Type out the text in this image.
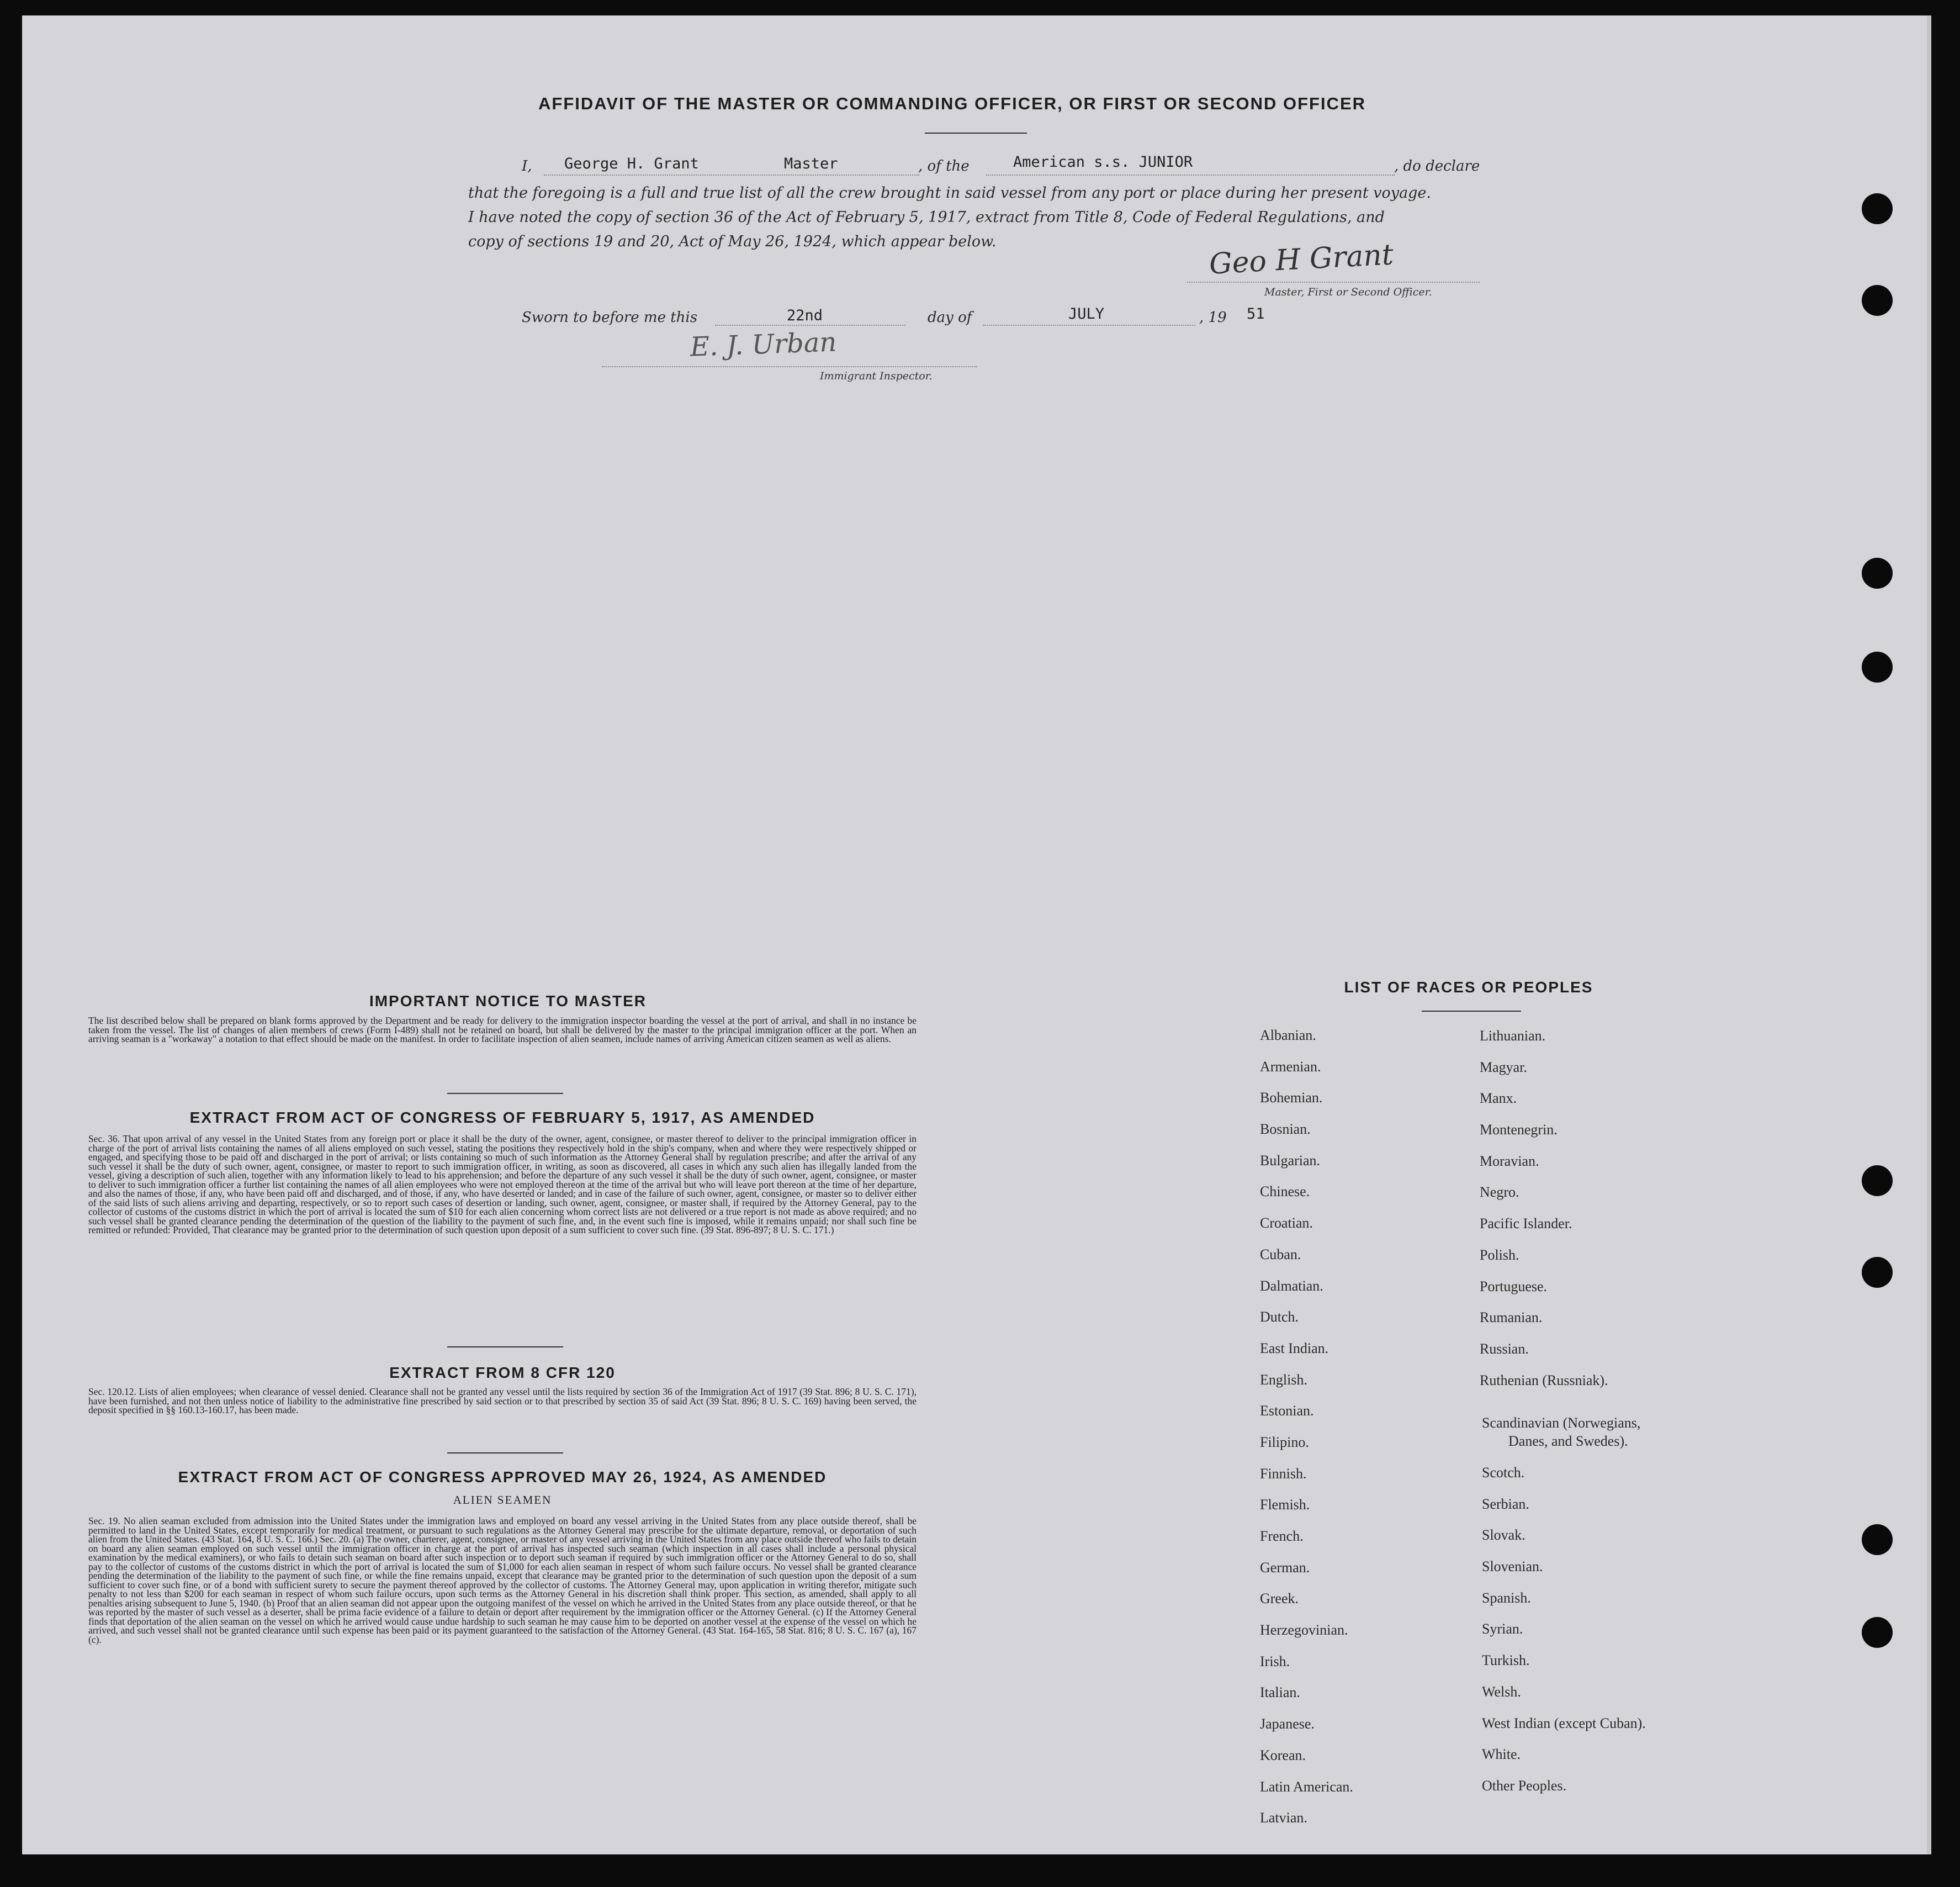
AFFIDAVIT OF THE MASTER OR COMMANDING OFFICER, OR FIRST OR SECOND OFFICER
I, George H. Grant	Master	, of the	American s.s. JUNIOR	, do declare
that the foregoing is a full and true list of all the crew brought in said vessel from any port or place during her present voyage.
I have noted the copy of section 36 of the Act of February 5, 1917, extract from Title 8, Code of Federal Regulations, and
copy of sections 19 and 20, Act of May 26, 1924, which appear below.	Geo H Grant
Master, First or Second Officer.
Sworn to before me this	22nd	day of	JULY	, 19 51
E. J. Urban
Immigrant Inspector.
IMPORTANT NOTICE TO MASTER
The list described below shall be prepared on blank forms approved by the Department and be ready for delivery to the immigration inspector boarding the vessel at the port of arrival, and shall in no instance be taken from the vessel. The list of changes of alien members of crews (Form I-489) shall not be retained on board, but shall be delivered by the master to the principal immigration officer at the port. When an arriving seaman is a "workaway" a notation to that effect should be made on the manifest. In order to facilitate inspection of alien seamen, include names of arriving American citizen seamen as well as aliens.
EXTRACT FROM ACT OF CONGRESS OF FEBRUARY 5, 1917, AS AMENDED
Sec. 36. That upon arrival of any vessel in the United States from any foreign port or place it shall be the duty of the owner, agent, consignee, or master thereof to deliver to the principal immigration officer in charge of the port of arrival lists containing the names of all aliens employed on such vessel, stating the positions they respectively hold in the ship's company, when and where they were respectively shipped or engaged, and specifying those to be paid off and discharged in the port of arrival; or lists containing so much of such information as the Attorney General shall by regulation prescribe; and after the arrival of any such vessel it shall be the duty of such owner, agent, consignee, or master to report to such immigration officer, in writing, as soon as discovered, all cases in which any such alien has illegally landed from the vessel, giving a description of such alien, together with any information likely to lead to his apprehension; and before the departure of any such vessel it shall be the duty of such owner, agent, consignee, or master to deliver to such immigration officer a further list containing the names of all alien employees who were not employed thereon at the time of the arrival but who will leave port thereon at the time of her departure, and also the names of those, if any, who have been paid off and discharged, and of those, if any, who have deserted or landed; and in case of the failure of such owner, agent, consignee, or master so to deliver either of the said lists of such aliens arriving and departing, respectively, or so to report such cases of desertion or landing, such owner, agent, consignee, or master shall, if required by the Attorney General, pay to the collector of customs of the customs district in which the port of arrival is located the sum of $10 for each alien concerning whom correct lists are not delivered or a true report is not made as above required; and no such vessel shall be granted clearance pending the determination of the question of the liability to the payment of such fine, and, in the event such fine is imposed, while it remains unpaid; nor shall such fine be remitted or refunded: Provided, That clearance may be granted prior to the determination of such question upon deposit of a sum sufficient to cover such fine. (39 Stat. 896-897; 8 U. S. C. 171.)
EXTRACT FROM 8 CFR 120
Sec. 120.12. Lists of alien employees; when clearance of vessel denied. Clearance shall not be granted any vessel until the lists required by section 36 of the Immigration Act of 1917 (39 Stat. 896; 8 U. S. C. 171), have been furnished, and not then unless notice of liability to the administrative fine prescribed by said section or to that prescribed by section 35 of said Act (39 Stat. 896; 8 U. S. C. 169) having been served, the deposit specified in §§ 160.13-160.17, has been made.
EXTRACT FROM ACT OF CONGRESS APPROVED MAY 26, 1924, AS AMENDED
ALIEN SEAMEN
Sec. 19. No alien seaman excluded from admission into the United States under the immigration laws and employed on board any vessel arriving in the United States from any place outside thereof, shall be permitted to land in the United States, except temporarily for medical treatment, or pursuant to such regulations as the Attorney General may prescribe for the ultimate departure, removal, or deportation of such alien from the United States. (43 Stat. 164, 8 U. S. C. 166.) Sec. 20. (a) The owner, charterer, agent, consignee, or master of any vessel arriving in the United States from any place outside thereof who fails to detain on board any alien seaman employed on such vessel until the immigration officer in charge at the port of arrival has inspected such seaman (which inspection in all cases shall include a personal physical examination by the medical examiners), or who fails to detain such seaman on board after such inspection or to deport such seaman if required by such immigration officer or the Attorney General to do so, shall pay to the collector of customs of the customs district in which the port of arrival is located the sum of $1,000 for each alien seaman in respect of whom such failure occurs. No vessel shall be granted clearance pending the determination of the liability to the payment of such fine, or while the fine remains unpaid, except that clearance may be granted prior to the determination of such question upon the deposit of a sum sufficient to cover such fine, or of a bond with sufficient surety to secure the payment thereof approved by the collector of customs. The Attorney General may, upon application in writing therefor, mitigate such penalty to not less than $200 for each seaman in respect of whom such failure occurs, upon such terms as the Attorney General in his discretion shall think proper. This section, as amended, shall apply to all penalties arising subsequent to June 5, 1940. (b) Proof that an alien seaman did not appear upon the outgoing manifest of the vessel on which he arrived in the United States from any place outside thereof, or that he was reported by the master of such vessel as a deserter, shall be prima facie evidence of a failure to detain or deport after requirement by the immigration officer or the Attorney General. (c) If the Attorney General finds that deportation of the alien seaman on the vessel on which he arrived would cause undue hardship to such seaman he may cause him to be deported on another vessel at the expense of the vessel on which he arrived, and such vessel shall not be granted clearance until such expense has been paid or its payment guaranteed to the satisfaction of the Attorney General. (43 Stat. 164-165, 58 Stat. 816; 8 U. S. C. 167 (a), 167 (c).
LIST OF RACES OR PEOPLES
Albanian.
Armenian.
Bohemian.
Bosnian.
Bulgarian.
Chinese.
Croatian.
Cuban.
Dalmatian.
Dutch.
East Indian.
English.
Estonian.
Filipino.
Finnish.
Flemish.
French.
German.
Greek.
Herzegovinian.
Irish.
Italian.
Japanese.
Korean.
Latin American.
Latvian.
Lithuanian.
Magyar.
Manx.
Montenegrin.
Moravian.
Negro.
Pacific Islander.
Polish.
Portuguese.
Rumanian.
Russian.
Ruthenian (Russniak).
Scandinavian (Norwegians,
Danes, and Swedes).
Scotch.
Serbian.
Slovak.
Slovenian.
Spanish.
Syrian.
Turkish.
Welsh.
West Indian (except Cuban).
White.
Other Peoples.
